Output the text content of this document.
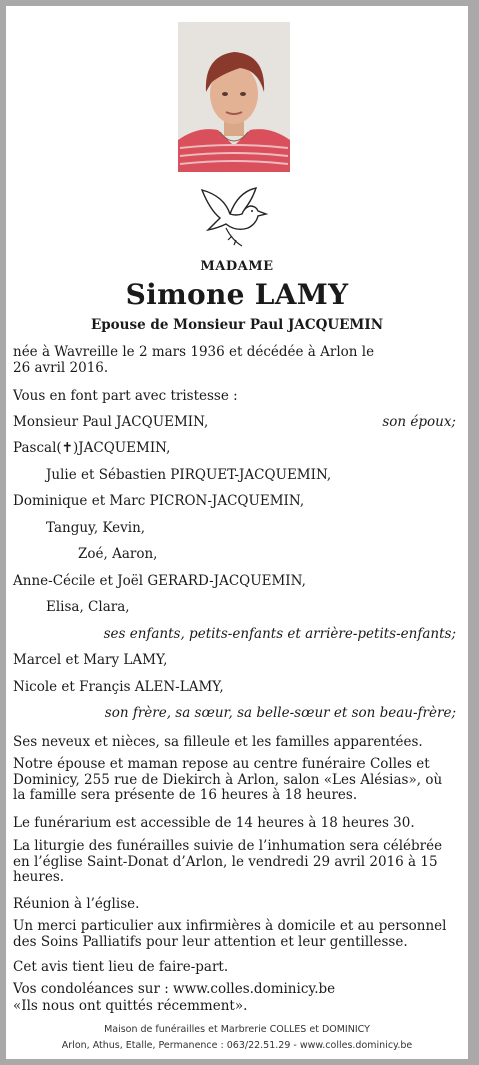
MADAME
Simone LAMY
Epouse de Monsieur Paul JACQUEMIN
née à Wavreille le 2 mars 1936 et décédée à Arlon le
26 avril 2016.
Vous en font part avec tristesse :
Monsieur Paul JACQUEMIN,	son époux;
Pascal(✝)JACQUEMIN,
Julie et Sébastien PIRQUET-JACQUEMIN,
Dominique et Marc PICRON-JACQUEMIN,
Tanguy, Kevin,
Zoé, Aaron,
Anne-Cécile et Joël GERARD-JACQUEMIN,
Elisa, Clara,
ses enfants, petits-enfants et arrière-petits-enfants;
Marcel et Mary LAMY,
Nicole et Françis ALEN-LAMY,
son frère, sa sœur, sa belle-sœur et son beau-frère;
Ses neveux et nièces, sa filleule et les familles apparentées.
Notre épouse et maman repose au centre funéraire Colles et Dominicy, 255 rue de Diekirch à Arlon, salon «Les Alésias», où la famille sera présente de 16 heures à 18 heures.
Le funérarium est accessible de 14 heures à 18 heures 30.
La liturgie des funérailles suivie de l’inhumation sera célébrée en l’église Saint-Donat d’Arlon, le vendredi 29 avril 2016 à 15 heures.
Réunion à l’église.
Un merci particulier aux infirmières à domicile et au personnel des Soins Palliatifs pour leur attention et leur gentillesse.
Cet avis tient lieu de faire-part.
Vos condoléances sur : www.colles.dominicy.be
«Ils nous ont quittés récemment».
Maison de funérailles et Marbrerie COLLES et DOMINICY
Arlon, Athus, Etalle, Permanence : 063/22.51.29 - www.colles.dominicy.be
